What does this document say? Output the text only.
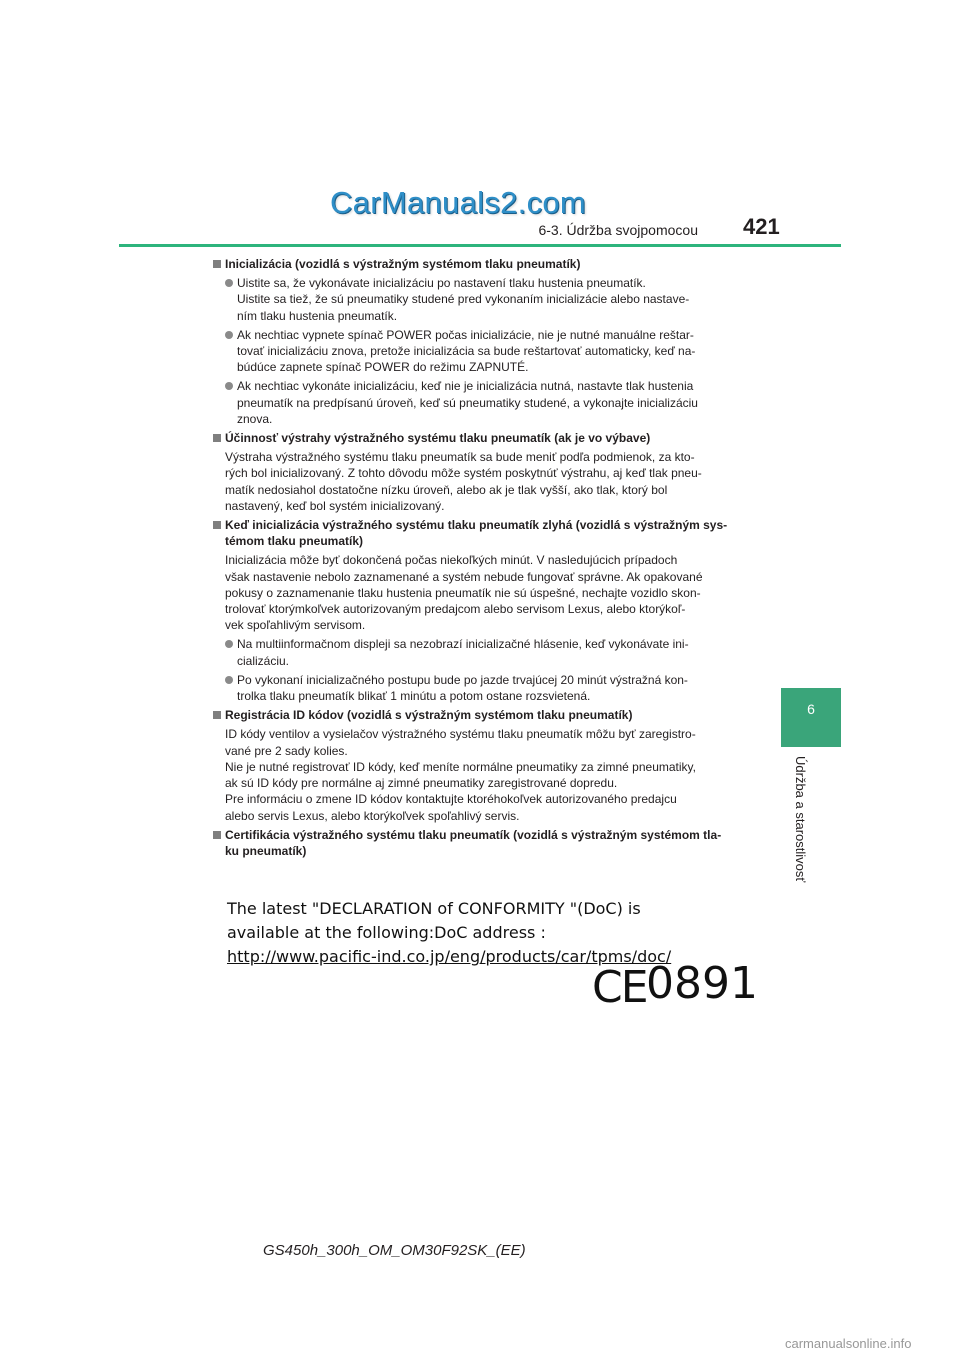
CarManuals2.com
6-3. Údržba svojpomocou 421
6
Údržba a starostlivosť
Inicializácia (vozidlá s výstražným systémom tlaku pneumatík)
Uistite sa, že vykonávate inicializáciu po nastavení tlaku hustenia pneumatík.
Uistite sa tiež, že sú pneumatiky studené pred vykonaním inicializácie alebo nastave-
ním tlaku hustenia pneumatík.
Ak nechtiac vypnete spínač POWER počas inicializácie, nie je nutné manuálne reštar-
tovať inicializáciu znova, pretože inicializácia sa bude reštartovať automaticky, keď na-
búdúce zapnete spínač POWER do režimu ZAPNUTÉ.
Ak nechtiac vykonáte inicializáciu, keď nie je inicializácia nutná, nastavte tlak hustenia
pneumatík na predpísanú úroveň, keď sú pneumatiky studené, a vykonajte inicializáciu
znova.
Účinnosť výstrahy výstražného systému tlaku pneumatík (ak je vo výbave)

Výstraha výstražného systému tlaku pneumatík sa bude meniť podľa podmienok, za kto-

rých bol inicializovaný. Z tohto dôvodu môže systém poskytnúť výstrahu, aj keď tlak pneu-

matík nedosiahol dostatočne nízku úroveň, alebo ak je tlak vyšší, ako tlak, ktorý bol

nastavený, keď bol systém inicializovaný.

Keď inicializácia výstražného systému tlaku pneumatík zlyhá (vozidlá s výstražným sys-
témom tlaku pneumatík)

Inicializácia môže byť dokončená počas niekoľkých minút. V nasledujúcich prípadoch

však nastavenie nebolo zaznamenané a systém nebude fungovať správne. Ak opakované

pokusy o zaznamenanie tlaku hustenia pneumatík nie sú úspešné, nechajte vozidlo skon-

trolovať ktorýmkoľvek autorizovaným predajcom alebo servisom Lexus, alebo ktorýkoľ-

vek spoľahlivým servisom.

Na multiinformačnom displeji sa nezobrazí inicializačné hlásenie, keď vykonávate ini-
cializáciu.
Po vykonaní inicializačného postupu bude po jazde trvajúcej 20 minút výstražná kon-
trolka tlaku pneumatík blikať 1 minútu a potom ostane rozsvietená.
Registrácia ID kódov (vozidlá s výstražným systémom tlaku pneumatík)

ID kódy ventilov a vysielačov výstražného systému tlaku pneumatík môžu byť zaregistro-

vané pre 2 sady kolies.

Nie je nutné registrovať ID kódy, keď meníte normálne pneumatiky za zimné pneumatiky,

ak sú ID kódy pre normálne aj zimné pneumatiky zaregistrované dopredu.

Pre informáciu o zmene ID kódov kontaktujte ktoréhokoľvek autorizovaného predajcu

alebo servis Lexus, alebo ktorýkoľvek spoľahlivý servis.

Certifikácia výstražného systému tlaku pneumatík (vozidlá s výstražným systémom tla-
ku pneumatík)
The latest "DECLARATION of CONFORMITY "(DoC) is
available at the following:DoC address :
http://www.pacific-ind.co.jp/eng/products/car/tpms/doc/
CE 0891
GS450h_300h_OM_OM30F92SK_(EE)
carmanualsonline.info
